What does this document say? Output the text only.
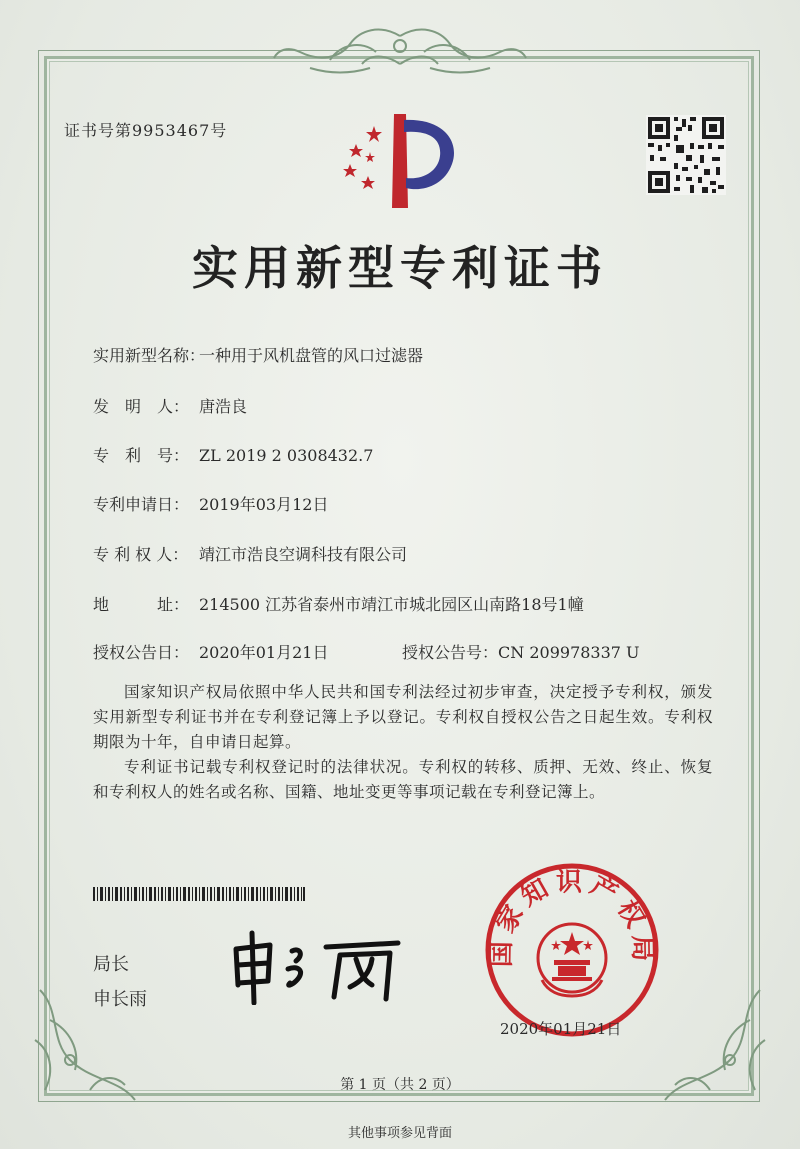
证书号第9953467号
实用新型专利证书
实用新型名称：一种用于风机盘管的风口过滤器
发　明　人： 唐浩良
专　利　号： ZL 2019 2 0308432.7
专利申请日： 2019年03月12日
专 利 权 人： 靖江市浩良空调科技有限公司
地　　　址： 214500 江苏省泰州市靖江市城北园区山南路18号1幢
授权公告日： 2020年01月21日	授权公告号：CN 209978337 U
国家知识产权局依照中华人民共和国专利法经过初步审查，决定授予专利权，颁发实用新型专利证书并在专利登记簿上予以登记。专利权自授权公告之日起生效。专利权期限为十年，自申请日起算。
专利证书记载专利权登记时的法律状况。专利权的转移、质押、无效、终止、恢复和专利权人的姓名或名称、国籍、地址变更等事项记载在专利登记簿上。
局长
申长雨
国家知识产权局
2020年01月21日
第 1 页（共 2 页）
其他事项参见背面
